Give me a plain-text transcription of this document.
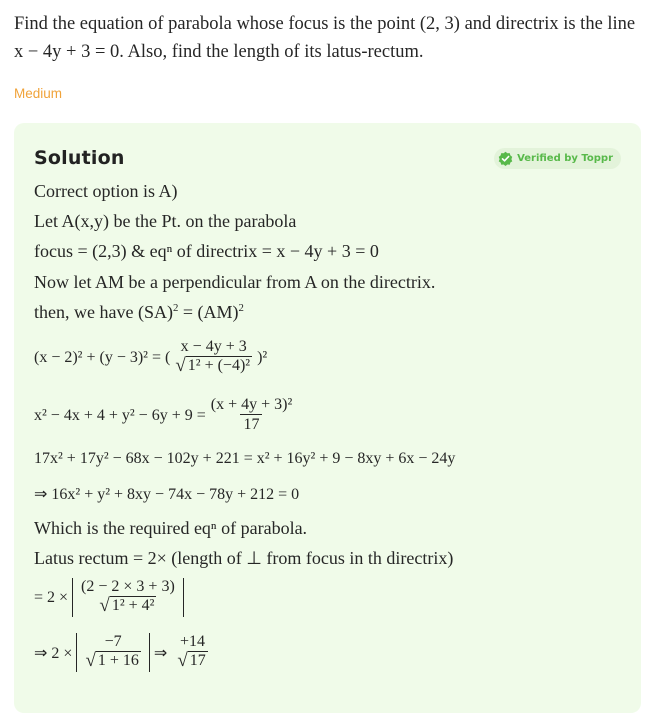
Find the equation of parabola whose focus is the point (2, 3) and directrix is the line
x − 4y + 3 = 0. Also, find the length of its latus-rectum.
Medium
Solution	Verified by Toppr
Correct option is A)
Let A(x,y) be the Pt. on the parabola
focus = (2,3) & eqⁿ of directrix = x − 4y + 3 = 0
Now let AM be a perpendicular from A on the directrix.
then, we have (SA)$^2$ = (AM)$^2$
(x − 2)² + (y − 3)² = (
x − 4y + 3
√ 1² + (−4)² )²
$x^2 - 4x + 4 + y^2 - 6y + 9 = \frac{\text{(x + 4y + 3)²}}{17}$
17x² + 17y² − 68x − 102y + 221 = x² + 16y² + 9 − 8xy + 6x − 24y
⇒ 16x² + y² + 8xy − 74x − 78y + 212 = 0
Which is the required eqⁿ of parabola.
Latus rectum = 2× (length of ⊥ from focus in th directrix)
= 2 ×
(2 − 2 × 3 + 3)
√ 1² + 4²
⇒ 2 ×
−7
√ 1 + 16 ⇒
+14
√ 17
